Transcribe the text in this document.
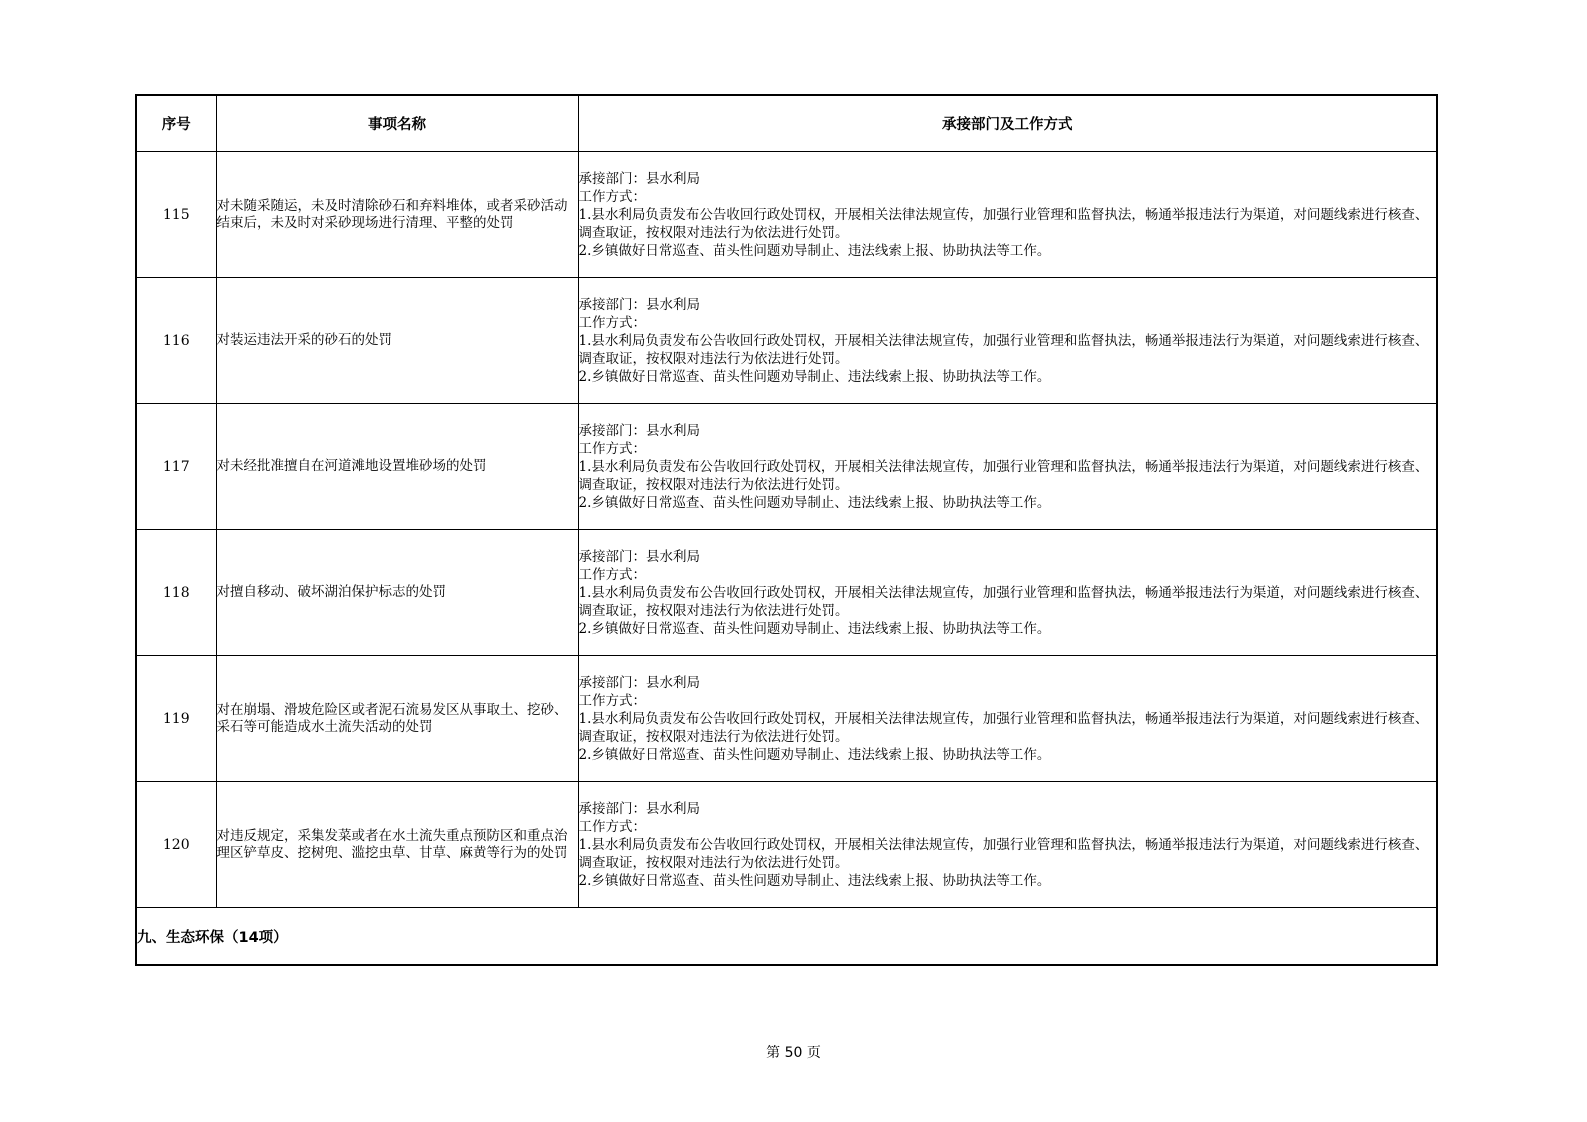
序号	事项名称	承接部门及工作方式
115	对未随采随运，未及时清除砂石和弃料堆体，或者采砂活动结束后，未及时对采砂现场进行清理、平整的处罚	承接部门：县水利局
工作方式：
1.县水利局负责发布公告收回行政处罚权，开展相关法律法规宣传，加强行业管理和监督执法，畅通举报违法行为渠道，对问题线索进行核查、调查取证，按权限对违法行为依法进行处罚。
2.乡镇做好日常巡查、苗头性问题劝导制止、违法线索上报、协助执法等工作。

116	对装运违法开采的砂石的处罚	承接部门：县水利局
工作方式：
1.县水利局负责发布公告收回行政处罚权，开展相关法律法规宣传，加强行业管理和监督执法，畅通举报违法行为渠道，对问题线索进行核查、调查取证，按权限对违法行为依法进行处罚。
2.乡镇做好日常巡查、苗头性问题劝导制止、违法线索上报、协助执法等工作。

117	对未经批准擅自在河道滩地设置堆砂场的处罚	承接部门：县水利局
工作方式：
1.县水利局负责发布公告收回行政处罚权，开展相关法律法规宣传，加强行业管理和监督执法，畅通举报违法行为渠道，对问题线索进行核查、调查取证，按权限对违法行为依法进行处罚。
2.乡镇做好日常巡查、苗头性问题劝导制止、违法线索上报、协助执法等工作。

118	对擅自移动、破坏湖泊保护标志的处罚	承接部门：县水利局
工作方式：
1.县水利局负责发布公告收回行政处罚权，开展相关法律法规宣传，加强行业管理和监督执法，畅通举报违法行为渠道，对问题线索进行核查、调查取证，按权限对违法行为依法进行处罚。
2.乡镇做好日常巡查、苗头性问题劝导制止、违法线索上报、协助执法等工作。

119	对在崩塌、滑坡危险区或者泥石流易发区从事取土、挖砂、采石等可能造成水土流失活动的处罚	承接部门：县水利局
工作方式：
1.县水利局负责发布公告收回行政处罚权，开展相关法律法规宣传，加强行业管理和监督执法，畅通举报违法行为渠道，对问题线索进行核查、调查取证，按权限对违法行为依法进行处罚。
2.乡镇做好日常巡查、苗头性问题劝导制止、违法线索上报、协助执法等工作。

120	对违反规定，采集发菜或者在水土流失重点预防区和重点治理区铲草皮、挖树兜、滥挖虫草、甘草、麻黄等行为的处罚	承接部门：县水利局
工作方式：
1.县水利局负责发布公告收回行政处罚权，开展相关法律法规宣传，加强行业管理和监督执法，畅通举报违法行为渠道，对问题线索进行核查、调查取证，按权限对违法行为依法进行处罚。
2.乡镇做好日常巡查、苗头性问题劝导制止、违法线索上报、协助执法等工作。

九、生态环保（14项）		
第 50 页
